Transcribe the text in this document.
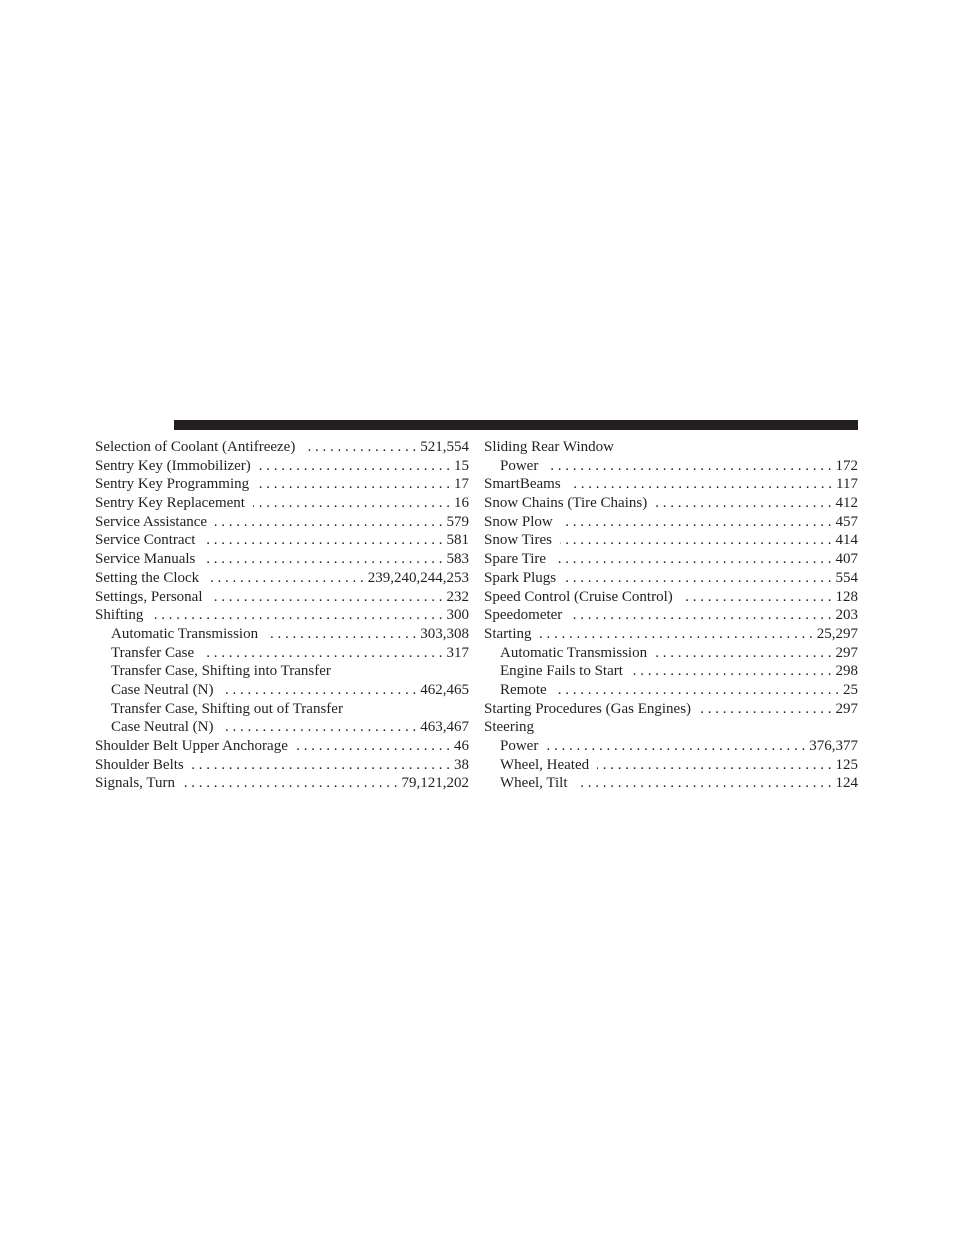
Selection of Coolant (Antifreeze) . . .	521,554
Sentry Key (Immobilizer) . . .	15
Sentry Key Programming . . .	17
Sentry Key Replacement . . .	16
Service Assistance . . .	579
Service Contract . . .	581
Service Manuals . . .	583
Setting the Clock . . .	239,240,244,253
Settings, Personal . . .	232
Shifting . . .	300
Automatic Transmission . . .	303,308
Transfer Case . . .	317
Transfer Case, Shifting into Transfer
Case Neutral (N) . . .	462,465
Transfer Case, Shifting out of Transfer
Case Neutral (N) . . .	463,467
Shoulder Belt Upper Anchorage . . .	46
Shoulder Belts . . .	38
Signals, Turn . . .	79,121,202
Sliding Rear Window
Power . . .	172
SmartBeams . . .	117
Snow Chains (Tire Chains) . . .	412
Snow Plow . . .	457
Snow Tires . . .	414
Spare Tire . . .	407
Spark Plugs . . .	554
Speed Control (Cruise Control) . . .	128
Speedometer . . .	203
Starting . . .	25,297
Automatic Transmission . . .	297
Engine Fails to Start . . .	298
Remote . . .	25
Starting Procedures (Gas Engines) . . .	297
Steering
Power . . .	376,377
Wheel, Heated . . .	125
Wheel, Tilt . . .	124
